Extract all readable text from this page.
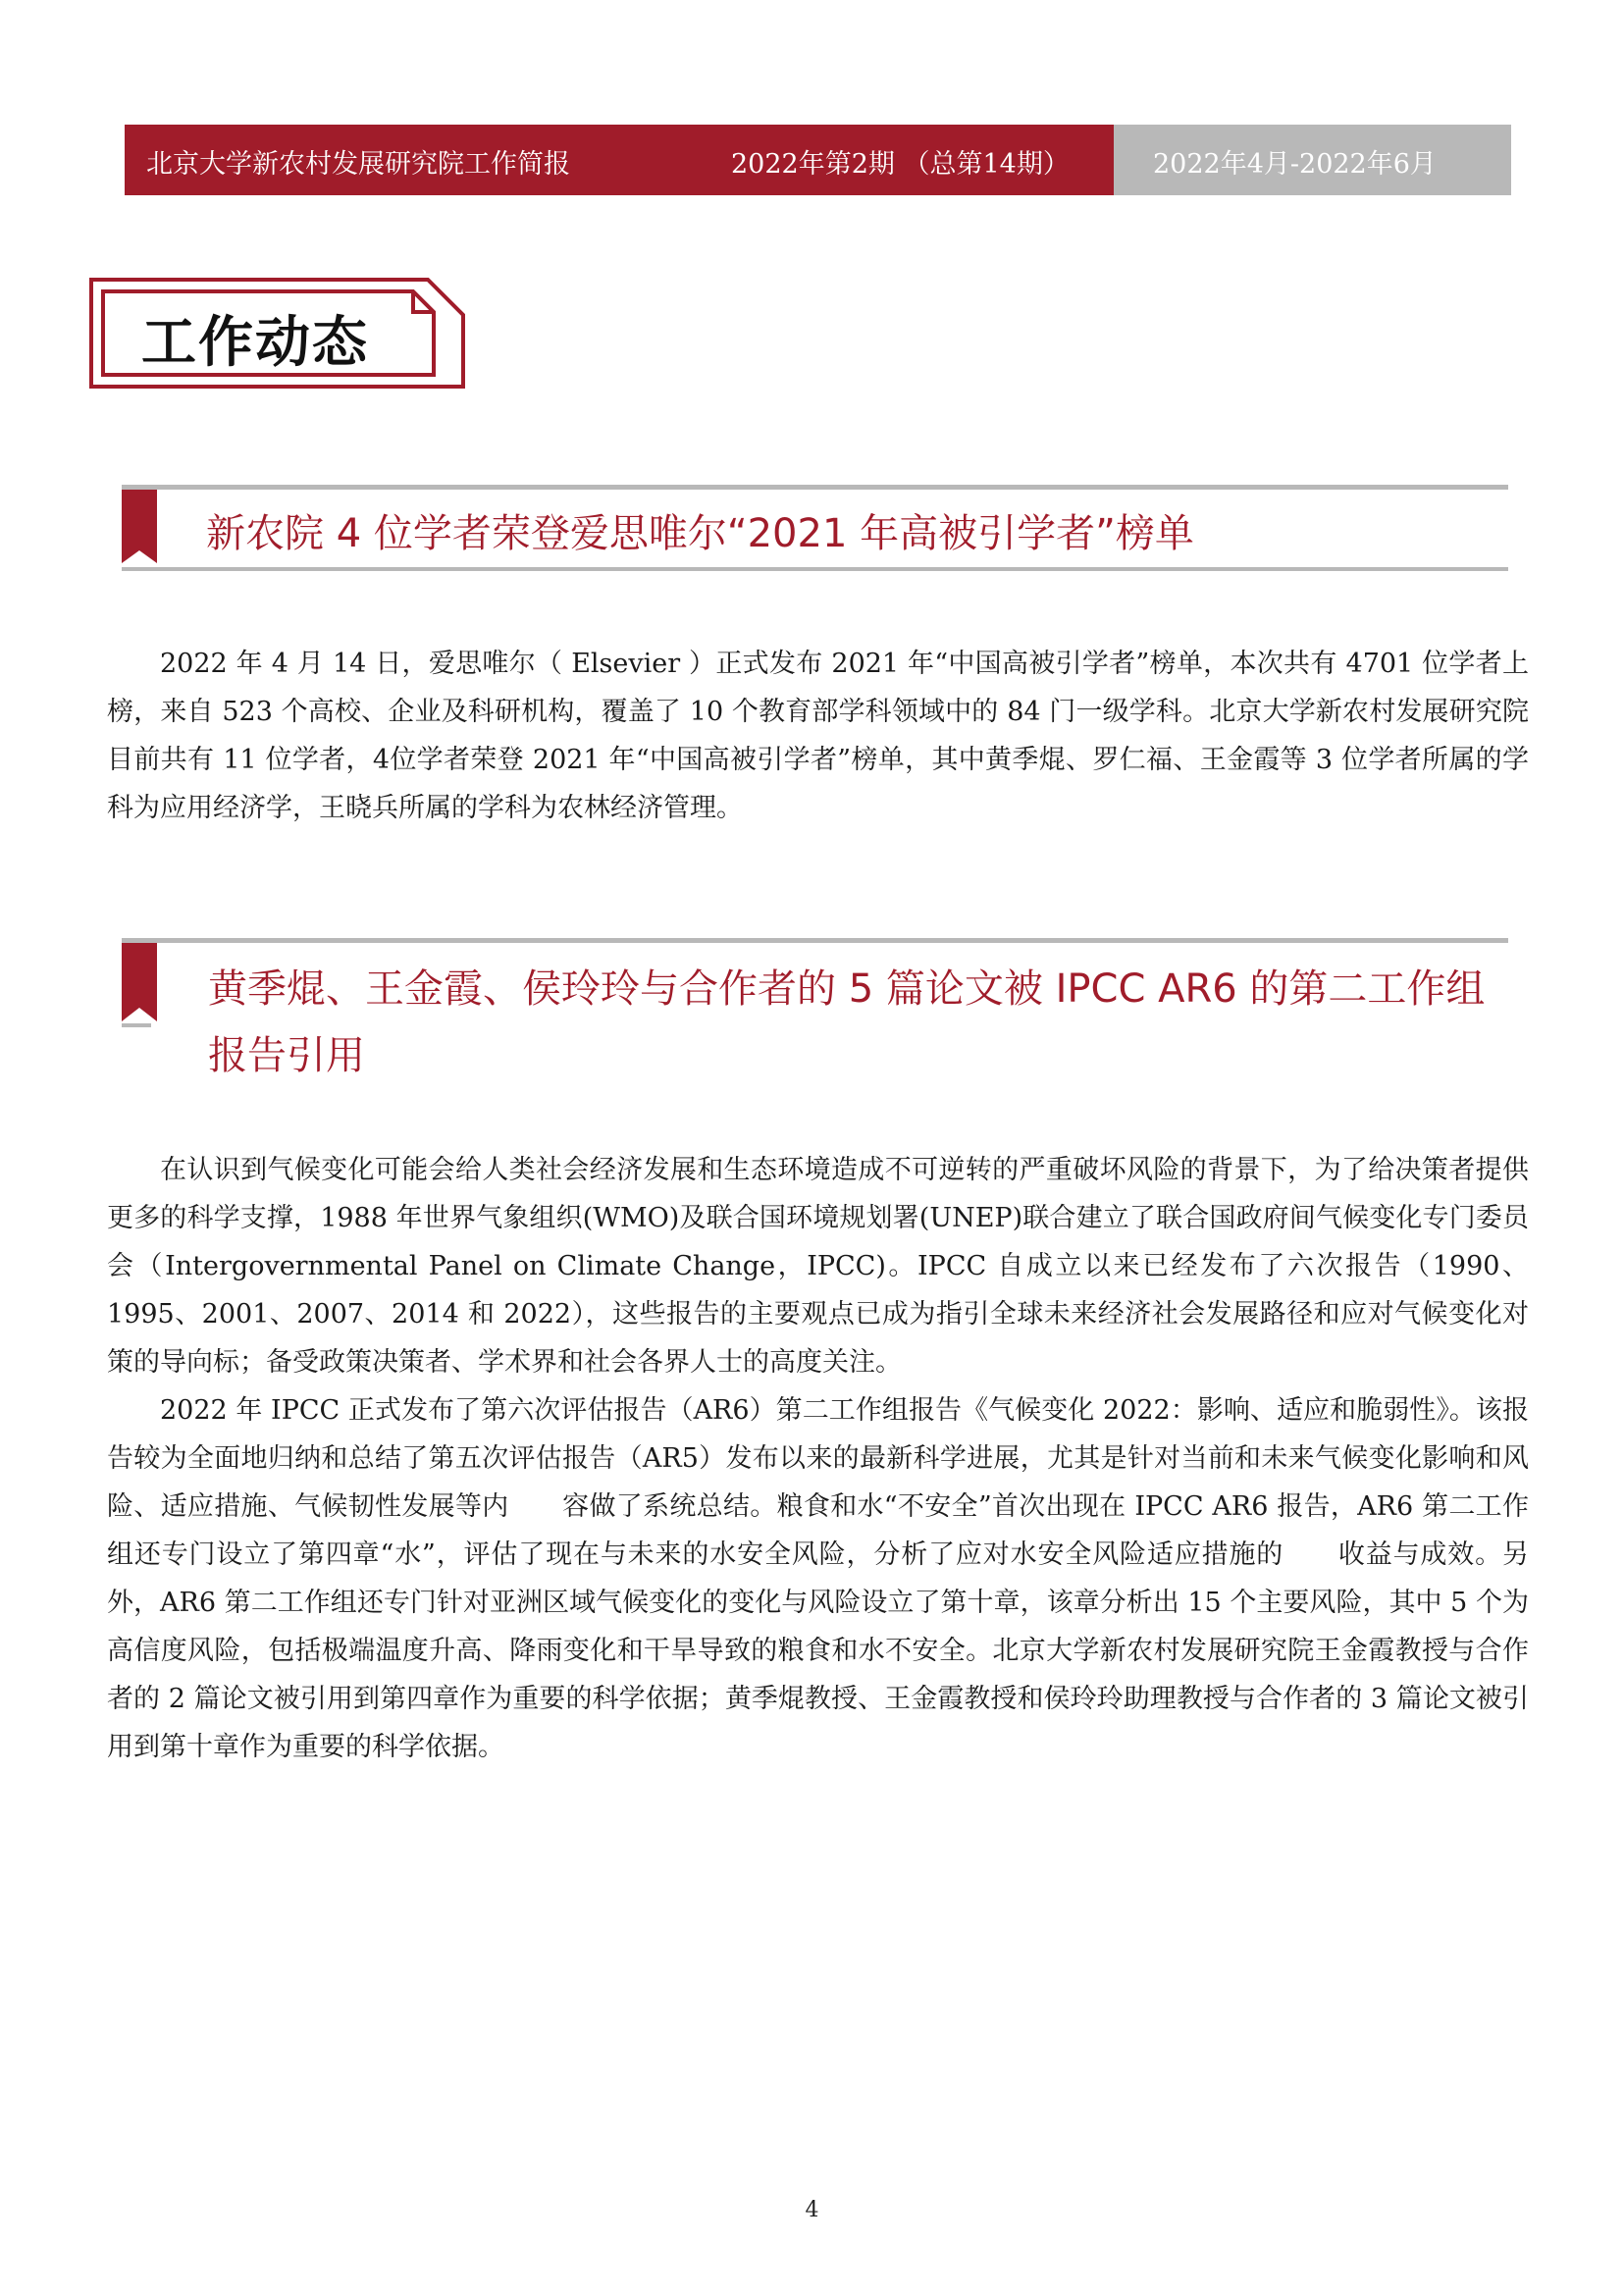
北京大学新农村发展研究院工作简报	2022年第2期 （总第14期）	2022年4月-2022年6月
工作动态
新农院 4 位学者荣登爱思唯尔“2021 年高被引学者”榜单

2022 年 4 月 14 日，爱思唯尔（ Elsevier ）正式发布 2021 年“中国高被引学者”榜单，本次共有 4701 位学者上榜，来自 523 个高校、企业及科研机构，覆盖了 10 个教育部学科领域中的 84 门一级学科。北京大学新农村发展研究院目前共有 11 位学者，4位学者荣登 2021 年“中国高被引学者”榜单，其中黄季焜、罗仁福、王金霞等 3 位学者所属的学科为应用经济学，王晓兵所属的学科为农林经济管理。

黄季焜、王金霞、侯玲玲与合作者的 5 篇论文被 IPCC AR6 的第二工作组报告引用

在认识到气候变化可能会给人类社会经济发展和生态环境造成不可逆转的严重破坏风险的背景下，为了给决策者提供更多的科学支撑，1988 年世界气象组织(WMO)及联合国环境规划署(UNEP)联合建立了联合国政府间气候变化专门委员会（Intergovernmental Panel on Climate Change，IPCC)。IPCC 自成立以来已经发布了六次报告（1990、1995、2001、2007、2014 和 2022），这些报告的主要观点已成为指引全球未来经济社会发展路径和应对气候变化对策的导向标；备受政策决策者、学术界和社会各界人士的高度关注。

2022 年 IPCC 正式发布了第六次评估报告（AR6）第二工作组报告《气候变化 2022：影响、适应和脆弱性》。该报告较为全面地归纳和总结了第五次评估报告（AR5）发布以来的最新科学进展，尤其是针对当前和未来气候变化影响和风险、适应措施、气候韧性发展等内　　容做了系统总结。粮食和水“不安全”首次出现在 IPCC AR6 报告，AR6 第二工作组还专门设立了第四章“水”，评估了现在与未来的水安全风险，分析了应对水安全风险适应措施的　　收益与成效。另外，AR6 第二工作组还专门针对亚洲区域气候变化的变化与风险设立了第十章，该章分析出 15 个主要风险，其中 5 个为高信度风险，包括极端温度升高、降雨变化和干旱导致的粮食和水不安全。北京大学新农村发展研究院王金霞教授与合作者的 2 篇论文被引用到第四章作为重要的科学依据；黄季焜教授、王金霞教授和侯玲玲助理教授与合作者的 3 篇论文被引用到第十章作为重要的科学依据。

4
